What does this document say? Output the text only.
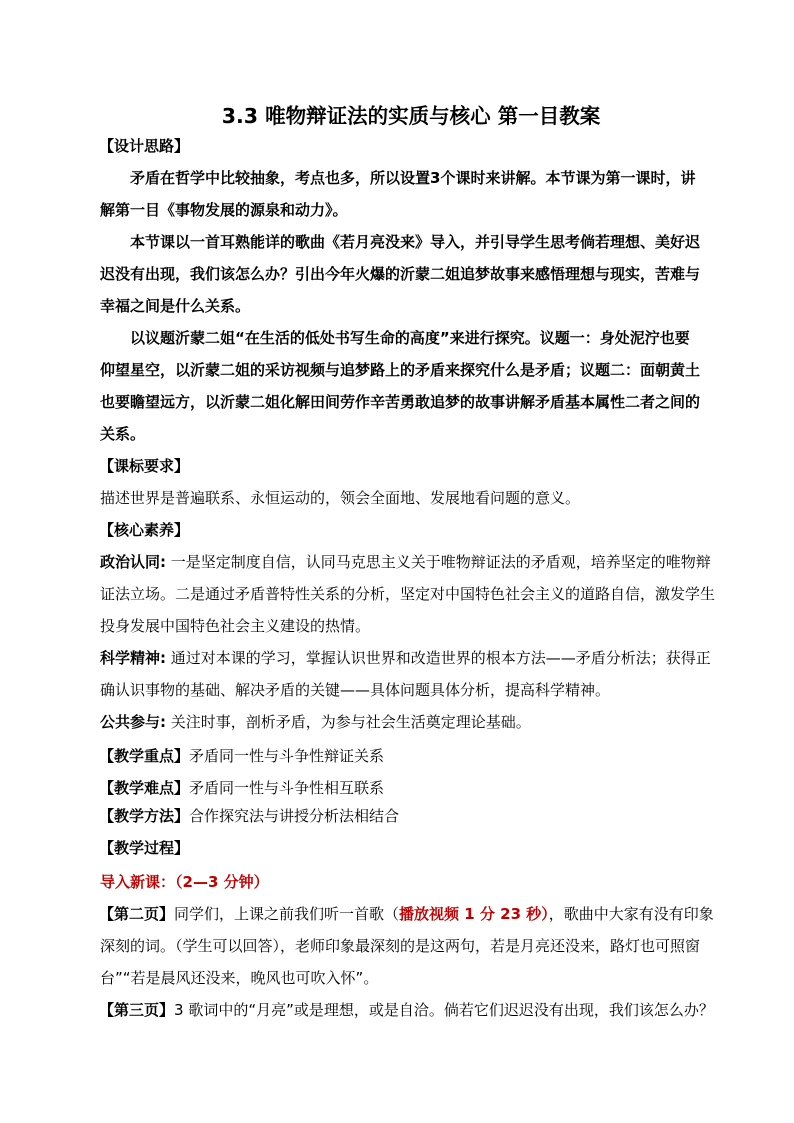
3.3 唯物辩证法的实质与核心 第一目教案
【设计思路】
矛盾在哲学中比较抽象，考点也多，所以设置3个课时来讲解。本节课为第一课时，讲
解第一目《事物发展的源泉和动力》。
本节课以一首耳熟能详的歌曲《若月亮没来》导入，并引导学生思考倘若理想、美好迟
迟没有出现，我们该怎么办？引出今年火爆的沂蒙二姐追梦故事来感悟理想与现实，苦难与
幸福之间是什么关系。
以议题沂蒙二姐“在生活的低处书写生命的高度”来进行探究。议题一：身处泥泞也要
仰望星空，以沂蒙二姐的采访视频与追梦路上的矛盾来探究什么是矛盾；议题二：面朝黄土
也要瞻望远方，以沂蒙二姐化解田间劳作辛苦勇敢追梦的故事讲解矛盾基本属性二者之间的
关系。
【课标要求】
描述世界是普遍联系、永恒运动的，领会全面地、发展地看问题的意义。
【核心素养】
政治认同: 一是坚定制度自信，认同马克思主义关于唯物辩证法的矛盾观，培养坚定的唯物辩
证法立场。二是通过矛盾普特性关系的分析，坚定对中国特色社会主义的道路自信，激发学生
投身发展中国特色社会主义建设的热情。
科学精神: 通过对本课的学习，掌握认识世界和改造世界的根本方法——矛盾分析法；获得正
确认识事物的基础、解决矛盾的关键——具体问题具体分析，提高科学精神。
公共参与: 关注时事，剖析矛盾，为参与社会生活奠定理论基础。
【教学重点】矛盾同一性与斗争性辩证关系
【教学难点】矛盾同一性与斗争性相互联系
【教学方法】合作探究法与讲授分析法相结合
【教学过程】
导入新课：（2—3 分钟）
【第二页】同学们，上课之前我们听一首歌（播放视频 1 分 23 秒），歌曲中大家有没有印象
深刻的词。（学生可以回答），老师印象最深刻的是这两句，若是月亮还没来，路灯也可照窗
台”“若是晨风还没来，晚风也可吹入怀”。
【第三页】3 歌词中的“月亮”或是理想，或是自洽。倘若它们迟迟没有出现，我们该怎么办？
